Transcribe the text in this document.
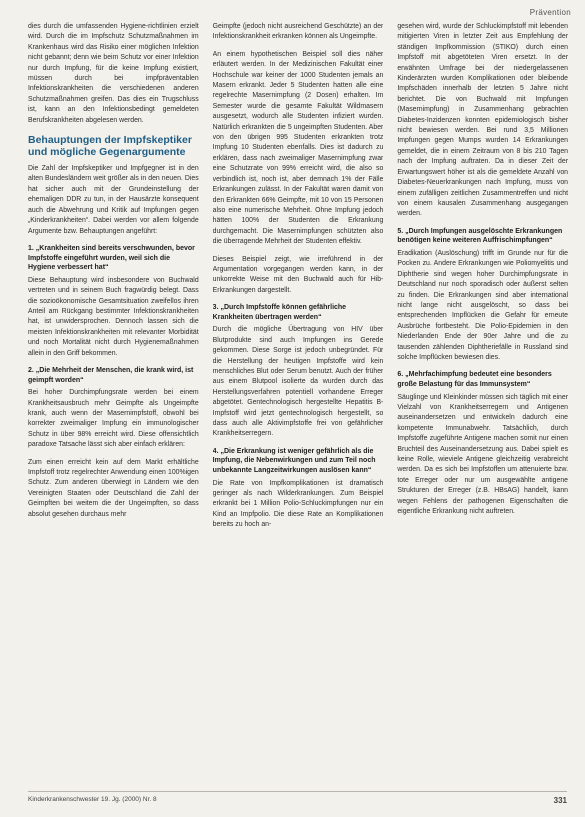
Prävention

dies durch die umfassenden Hygiene-richtlinien erzielt wird. Durch die im Impfschutz Schutzmaßnahmen im Krankenhaus wird das Risiko einer möglichen Infektion nicht gebannt; denn wie beim Schutz vor einer Infektion nur durch Impfung, für die keine Impfung existiert, müssen durch bei impfpräventablen Infektionskrankheiten die verschiedenen anderen Schutzmaßnahmen greifen. Das dies ein Trugschluss ist, kann an den Infektionsbedingt gemeldeten Berufskrankheiten abgelesen werden.

Behauptungen der Impfskeptiker und mögliche Gegenargumente

Die Zahl der Impfskeptiker und Impfgegner ist in den alten Bundesländern weit größer als in den neuen. Dies hat sicher auch mit der Grundeinstellung der ehemaligen DDR zu tun, in der Hausärzte konsequent auch die Abwehrung und Kritik auf Impfungen gegen „Kinderkrankheiten“. Dabei werden vor allem folgende Argumente bzw. Behauptungen angeführt:

1. „Krankheiten sind bereits verschwunden, bevor Impfstoffe eingeführt wurden, weil sich die Hygiene verbessert hat“

Diese Behauptung wird insbesondere von Buchwald vertreten und in seinem Buch fragwürdig belegt. Dass die sozioökonomische Gesamtsituation zweifellos ihren Anteil am Rückgang bestimmter Infektionskrankheiten hat, ist unwidersprochen. Dennoch lassen sich die meisten Infektionskrankheiten mit relevanter Morbidität und noch Mortalität nicht durch Hygienemaßnahmen allein in den Griff bekommen.

2. „Die Mehrheit der Menschen, die krank wird, ist geimpft worden“

Bei hoher Durchimpfungsrate werden bei einem Krankheitsausbruch mehr Geimpfte als Ungeimpfte krank, auch wenn der Masernimpfstoff, obwohl bei korrekter zweimaliger Impfung ein immunologischer Schutz in über 98% erreicht wird. Diese offensichtlich paradoxe Tatsache lässt sich aber einfach erklären:

Zum einen erreicht kein auf dem Markt erhältliche Impfstoff trotz regelrechter Anwendung einen 100%igen Schutz. Zum anderen überwiegt in Ländern wie den Vereinigten Staaten oder Deutschland die Zahl der Geimpften bei weitem die der Ungeimpften, so dass absolut gesehen durchaus mehr

Geimpfte (jedoch nicht ausreichend Geschützte) an der Infektionskrankheit erkranken können als Ungeimpfte.

An einem hypothetischen Beispiel soll dies näher erläutert werden. In der Medizinischen Fakultät einer Hochschule war keiner der 1000 Studenten jemals an Masern erkrankt. Jeder 5 Studenten hatten alle eine regelrechte Masernimpfung (2 Dosen) erhalten. Im Semester wurde die gesamte Fakultät Wildmasern ausgesetzt, wodurch alle Studenten infiziert wurden. Natürlich erkrankten die 5 ungeimpften Studenten. Aber von den übrigen 995 Studenten erkrankten trotz Impfung 10 Studenten ebenfalls. Dies ist dadurch zu erklären, dass nach zweimaliger Masernimpfung zwar eine Schutzrate von 99% erreicht wird, die also so verbindlich ist, noch ist, aber demnach 1% der Fälle Erkrankungen zulässt. In der Fakultät waren damit von den Erkrankten 66% Geimpfte, mit 10 von 15 Personen also eine numerische Mehrheit. Ohne Impfung jedoch hätten 100% der Studenten die Erkrankung durchgemacht. Die Masernimpfungen schützten also die überragende Mehrheit der Studenten effektiv.

Dieses Beispiel zeigt, wie irreführend in der Argumentation vorgegangen werden kann, in der unkorrekte Weise mit den Buchwald auch für Hib-Erkrankungen dargestellt.

3. „Durch Impfstoffe können gefährliche Krankheiten übertragen werden“

Durch die mögliche Übertragung von HIV über Blutprodukte sind auch Impfungen ins Gerede gekommen. Diese Sorge ist jedoch unbegründet. Für die Herstellung der heutigen Impfstoffe wird kein menschliches Blut oder Serum benutzt. Auch der früher aus einem Blutpool isolierte da wurden durch das Herstellungsverfahren potentiell vorhandene Erreger abgetötet. Gentechnologisch hergestellte Hepatitis B-Impfstoff wird jetzt gentechnologisch hergestellt, so dass auch alle Aktivimpfstoffe frei von gefährlicher Krankheitserregern.

4. „Die Erkrankung ist weniger gefährlich als die Impfung, die Nebenwirkungen und zum Teil noch unbekannte Langzeitwirkungen auslösen kann“

Die Rate von Impfkomplikationen ist dramatisch geringer als nach Wilderkrankungen. Zum Beispiel erkrankt bei 1 Million Polio-Schluckimpfungen nur ein Kind an Impfpolio. Die diese Rate an Komplikationen bereits zu hoch an-

gesehen wird, wurde der Schluckimpfstoff mit lebenden mitigierten Viren in letzter Zeit aus Empfehlung der ständigen Impfkommission (STIKO) durch einen Impfstoff mit abgetöteten Viren ersetzt. In der erwähnten Umfrage bei der niedergelassenen Kinderärzten wurden Komplikationen oder bleibende Impfschäden innerhalb der letzten 5 Jahre nicht berichtet. Die von Buchwald mit Impfungen (Masernimpfung) in Zusammenhang gebrachten Diabetes-Inzidenzen konnten epidemiologisch bisher nicht bewiesen werden. Bei rund 3,5 Millionen Impfungen gegen Mumps wurden 14 Erkrankungen gemeldet, die in einem Zeitraum von 8 bis 210 Tagen nach der Impfung auftraten. Da in dieser Zeit der Erwartungswert höher ist als die gemeldete Anzahl von Diabetes-Neuerkrankungen nach Impfung, muss von einem zufälligen zeitlichen Zusammentreffen und nicht von einem kausalen Zusammenhang ausgegangen werden.

5. „Durch Impfungen ausgelöschte Erkrankungen benötigen keine weiteren Auffrischimpfungen“

Eradikation (Auslöschung) trifft im Grunde nur für die Pocken zu. Andere Erkrankungen wie Poliomyelitis und Diphtherie sind wegen hoher Durchimpfungsrate in Deutschland nur noch sporadisch oder äußerst selten zu finden. Die Erkrankungen sind aber international nicht lange nicht ausgelöscht, so dass bei entsprechenden Impflücken die Gefahr für erneute Ausbrüche fortbesteht. Die Polio-Epidemien in den Niederlanden Ende der 90er Jahre und die zu tausenden zählenden Diphtheriefälle in Russland sind solche Impflücken bewiesen dies.

6. „Mehrfachimpfung bedeutet eine besonders große Belastung für das Immunsystem“

Säuglinge und Kleinkinder müssen sich täglich mit einer Vielzahl von Krankheitserregern und Antigenen auseinandersetzen und entwickeln dadurch eine kompetente Immunabwehr. Tatsächlich, durch Impfstoffe zugeführte Antigene machen somit nur einen Bruchteil des Auseinandersetzung aus. Dabei spielt es keine Rolle, wieviele Antigene gleichzeitig verabreicht werden. Da es sich bei Impfstoffen um attenuierte bzw. tote Erreger oder nur um ausgewählte antigene Strukturen der Erreger (z.B. HBsAG) handelt, kann wegen Fehlens der pathogenen Eigenschaften die eigentliche Erkrankung nicht auftreten.

Kinderkrankenschwester 19. Jg. (2000) Nr. 8	331
